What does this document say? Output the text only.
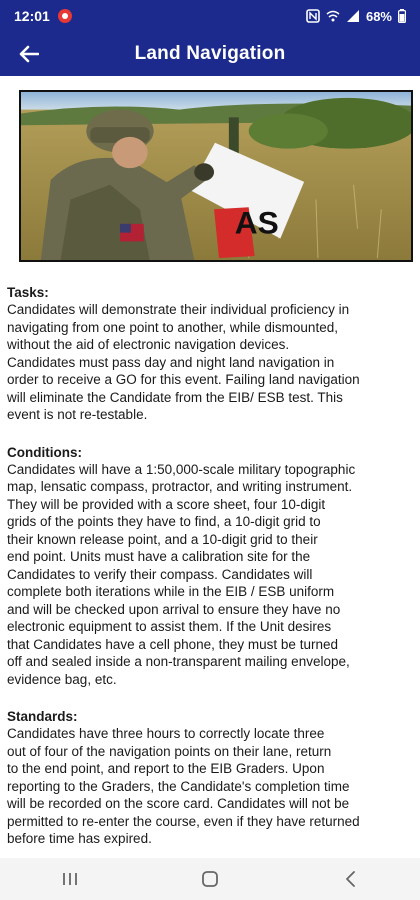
12:01	68%
Land Navigation
AS
Tasks:
Candidates will demonstrate their individual proficiency in
navigating from one point to another, while dismounted,
without the aid of electronic navigation devices.
Candidates must pass day and night land navigation in
order to receive a GO for this event. Failing land navigation
will eliminate the Candidate from the EIB/ ESB test. This
event is not re-testable.
Conditions:
Candidates will have a 1:50,000-scale military topographic
map, lensatic compass, protractor, and writing instrument.
They will be provided with a score sheet, four 10-digit
grids of the points they have to find, a 10-digit grid to
their known release point, and a 10-digit grid to their
end point. Units must have a calibration site for the
Candidates to verify their compass. Candidates will
complete both iterations while in the EIB / ESB uniform
and will be checked upon arrival to ensure they have no
electronic equipment to assist them. If the Unit desires
that Candidates have a cell phone, they must be turned
off and sealed inside a non-transparent mailing envelope,
evidence bag, etc.
Standards:
Candidates have three hours to correctly locate three
out of four of the navigation points on their lane, return
to the end point, and report to the EIB Graders. Upon
reporting to the Graders, the Candidate's completion time
will be recorded on the score card. Candidates will not be
permitted to re-enter the course, even if they have returned
before time has expired.
